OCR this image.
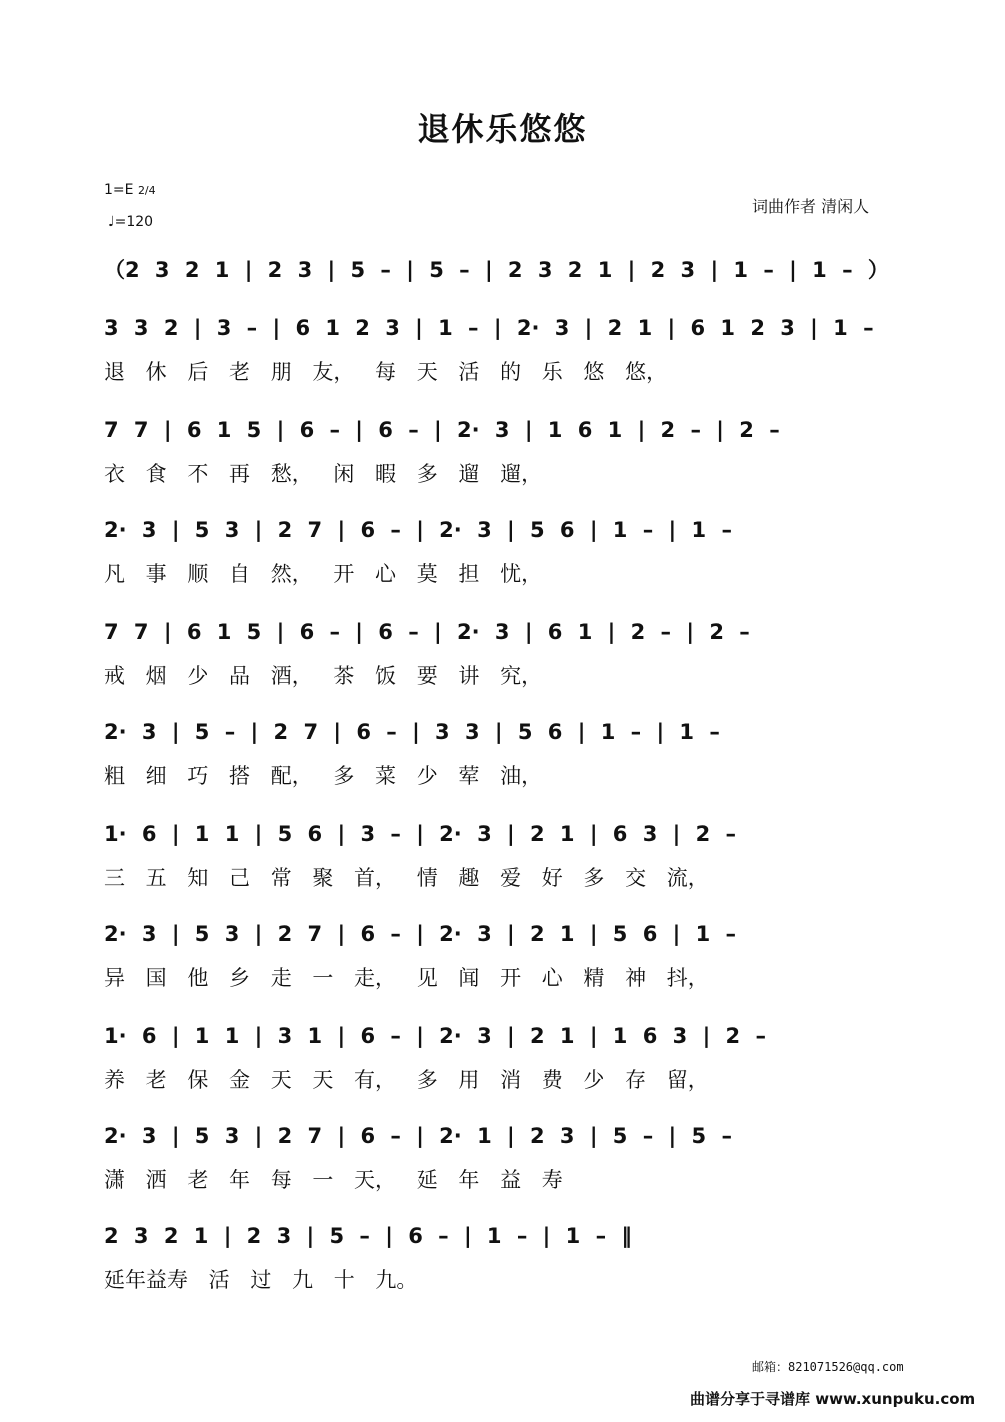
退休乐悠悠
1=E 2/4
♩=120
词曲作者 清闲人
（2 3 2 1 | 2 3 | 5 – | 5 – | 2 3 2 1 | 2 3 | 1 – | 1 – ）
3 3 2 | 3 – | 6 1 2 3 | 1 – | 2· 3 | 2 1 | 6 1 2 3 | 1 –
退 休 后 老 朋 友， 每 天 活 的 乐 悠 悠，
7 7 | 6 1 5 | 6 – | 6 – | 2· 3 | 1 6 1 | 2 – | 2 –
衣 食 不 再 愁， 闲 暇 多 遛 遛，
2· 3 | 5 3 | 2 7 | 6 – | 2· 3 | 5 6 | 1 – | 1 –
凡 事 顺 自 然， 开 心 莫 担 忧，
7 7 | 6 1 5 | 6 – | 6 – | 2· 3 | 6 1 | 2 – | 2 –
戒 烟 少 品 酒， 茶 饭 要 讲 究，
2· 3 | 5 – | 2 7 | 6 – | 3 3 | 5 6 | 1 – | 1 –
粗 细 巧 搭 配， 多 菜 少 荤 油，
1· 6 | 1 1 | 5 6 | 3 – | 2· 3 | 2 1 | 6 3 | 2 –
三 五 知 己 常 聚 首， 情 趣 爱 好 多 交 流，
2· 3 | 5 3 | 2 7 | 6 – | 2· 3 | 2 1 | 5 6 | 1 –
异 国 他 乡 走 一 走， 见 闻 开 心 精 神 抖，
1· 6 | 1 1 | 3 1 | 6 – | 2· 3 | 2 1 | 1 6 3 | 2 –
养 老 保 金 天 天 有， 多 用 消 费 少 存 留，
2· 3 | 5 3 | 2 7 | 6 – | 2· 1 | 2 3 | 5 – | 5 –
潇 洒 老 年 每 一 天， 延 年 益 寿
2 3 2 1 | 2 3 | 5 – | 6 – | 1 – | 1 – ‖
延年益寿 活 过 九 十 九。
邮箱：821071526@qq.com
曲谱分享于寻谱库 www.xunpuku.com
